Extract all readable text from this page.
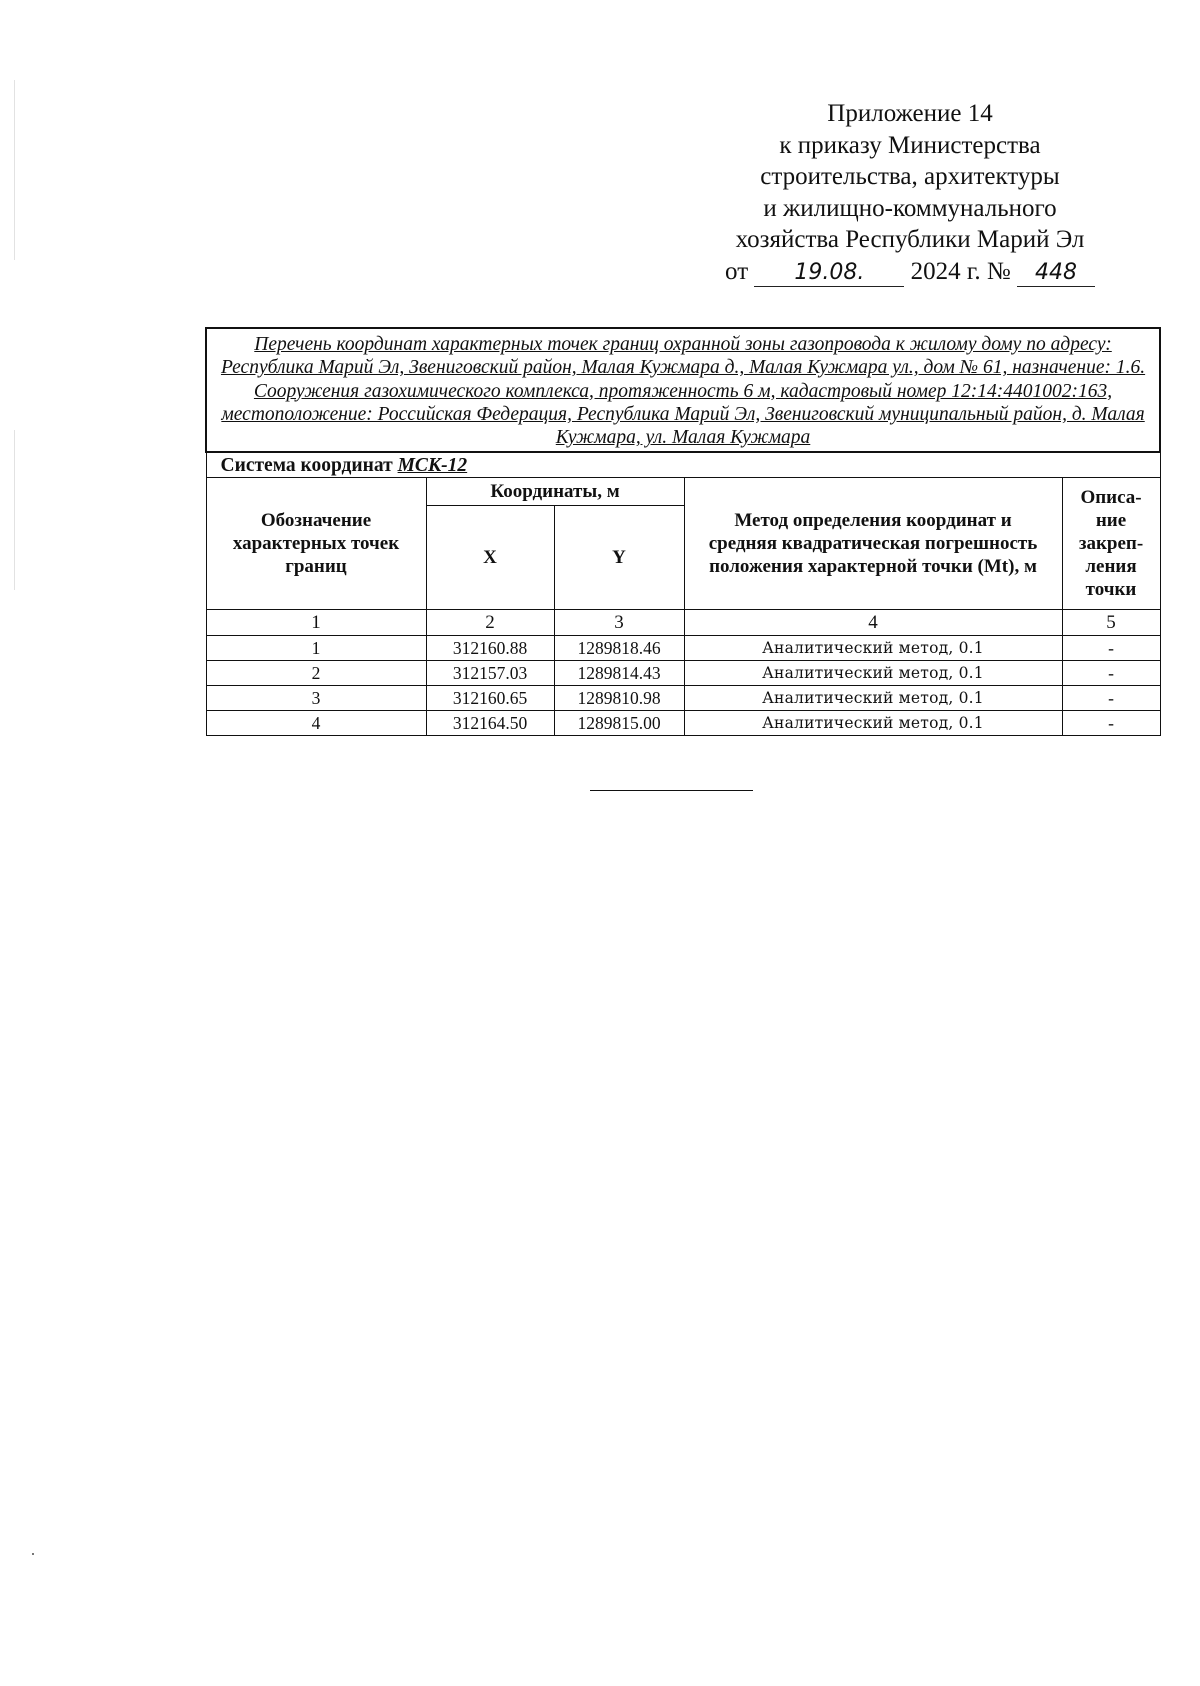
Приложение 14
к приказу Министерства
строительства, архитектуры
и жилищно-коммунального
хозяйства Республики Марий Эл
от 19.08. 2024 г. № 448
Перечень координат характерных точек границ охранной зоны газопровода к жилому дому по адресу: Республика Марий Эл, Звениговский район, Малая Кужмара д., Малая Кужмара ул., дом № 61, назначение: 1.6. Сооружения газохимического комплекса, протяженность 6 м, кадастровый номер 12:14:4401002:163, местоположение: Российская Федерация, Республика Марий Эл, Звениговский муниципальный район, д. Малая Кужмара, ул. Малая Кужмара				
Система координат МСК-12				
Обозначение характерных точек границ	Координаты, м		Метод определения координат и средняя квадратическая погрешность положения характерной точки (Mt), м	Описа-ние закреп-ления точки
	X	Y		
1	2	3	4	5
1	312160.88	1289818.46	Аналитический метод, 0.1	-
2	312157.03	1289814.43	Аналитический метод, 0.1	-
3	312160.65	1289810.98	Аналитический метод, 0.1	-
4	312164.50	1289815.00	Аналитический метод, 0.1	-
